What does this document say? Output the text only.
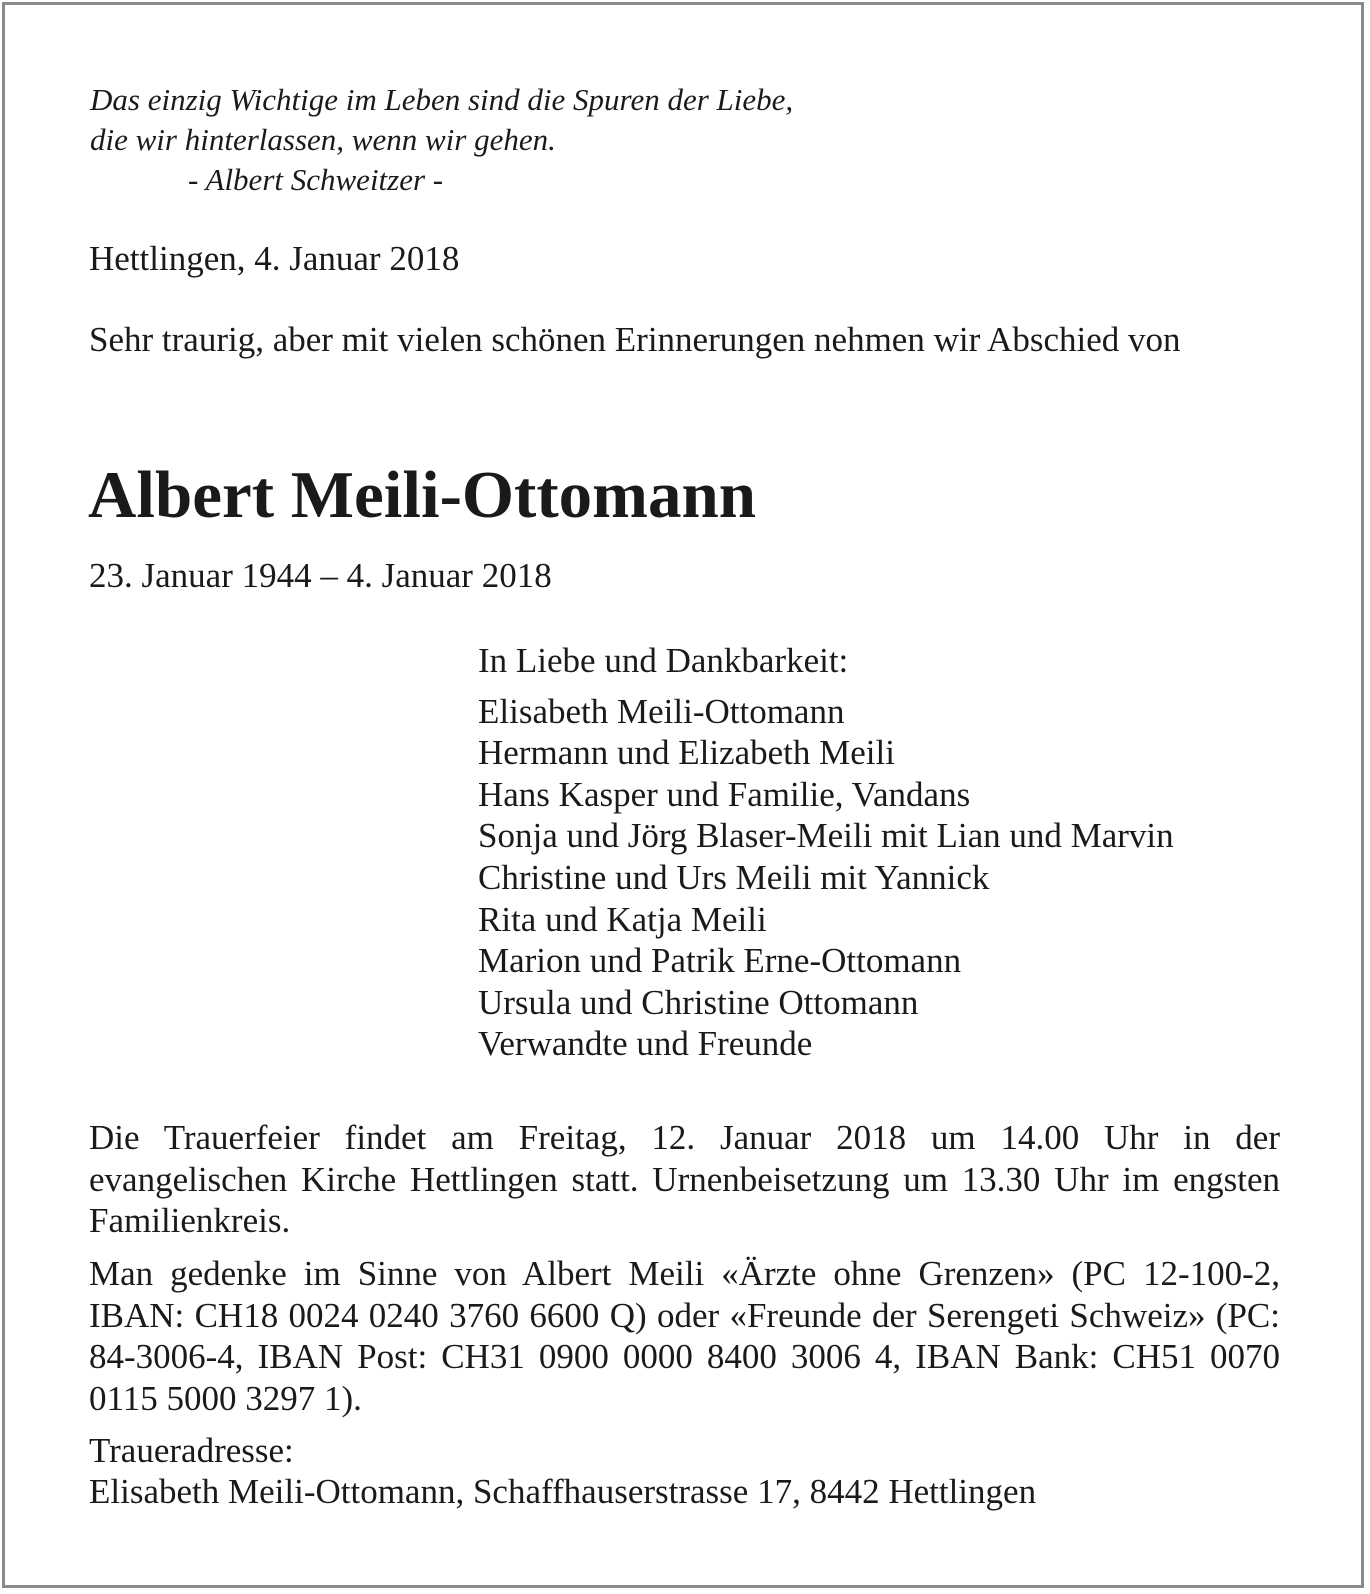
Das einzig Wichtige im Leben sind die Spuren der Liebe,
die wir hinterlassen, wenn wir gehen.
- Albert Schweitzer -
Hettlingen, 4. Januar 2018
Sehr traurig, aber mit vielen schönen Erinnerungen nehmen wir Abschied von
Albert Meili-Ottomann
23. Januar 1944 – 4. Januar 2018
In Liebe und Dankbarkeit:
Elisabeth Meili-Ottomann
Hermann und Elizabeth Meili
Hans Kasper und Familie, Vandans
Sonja und Jörg Blaser-Meili mit Lian und Marvin
Christine und Urs Meili mit Yannick
Rita und Katja Meili
Marion und Patrik Erne-Ottomann
Ursula und Christine Ottomann
Verwandte und Freunde
Die Trauerfeier findet am Freitag, 12. Januar 2018 um 14.00 Uhr in der evangelischen Kirche Hettlingen statt. Urnenbeisetzung um 13.30 Uhr im engsten Familienkreis.
Man gedenke im Sinne von Albert Meili «Ärzte ohne Grenzen» (PC 12-100-2, IBAN: CH18 0024 0240 3760 6600 Q) oder «Freunde der Serengeti Schweiz» (PC: 84-3006-4, IBAN Post: CH31 0900 0000 8400 3006 4, IBAN Bank: CH51 0070 0115 5000 3297 1).
Traueradresse:
Elisabeth Meili-Ottomann, Schaffhauserstrasse 17, 8442 Hettlingen
